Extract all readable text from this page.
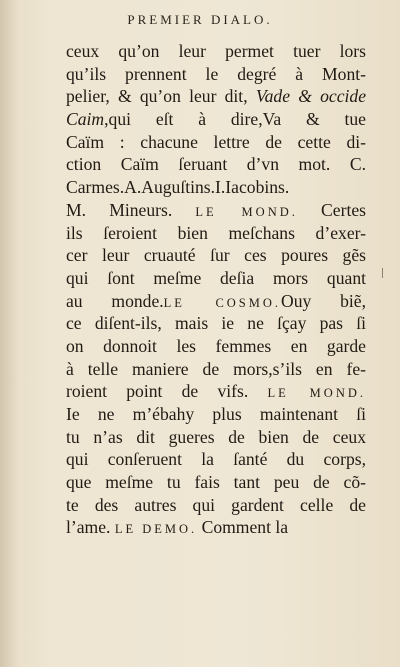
PREMIER DIALO.
ceux qu’on leur permet tuer lors
qu’ils prennent le degré à Mont-
pelier, & qu’on leur dit, Vade & occide
Caim,qui eſt à dire,Va & tue
Caïm : chacune lettre de cette di-
ction Caïm ſeruant d’vn mot. C.
Carmes.A.Auguſtins.I.Iacobins.
M. Mineurs. LE MOND. Certes
ils ſeroient bien meſchans d’exer-
cer leur cruauté ſur ces poures gẽs
qui ſont meſme deſia mors quant
au monde.LE COSMO.Ouy biẽ,
ce diſent-ils, mais ie ne ſçay pas ſi
on donnoit les femmes en garde
à telle maniere de mors,s’ils en fe-
roient point de vifs. LE MOND.
Ie ne m’ébahy plus maintenant ſi
tu n’as dit gueres de bien de ceux
qui conſeruent la ſanté du corps,
que meſme tu fais tant peu de cõ-
te des autres qui gardent celle de
l’ame. LE DEMO. Comment la
